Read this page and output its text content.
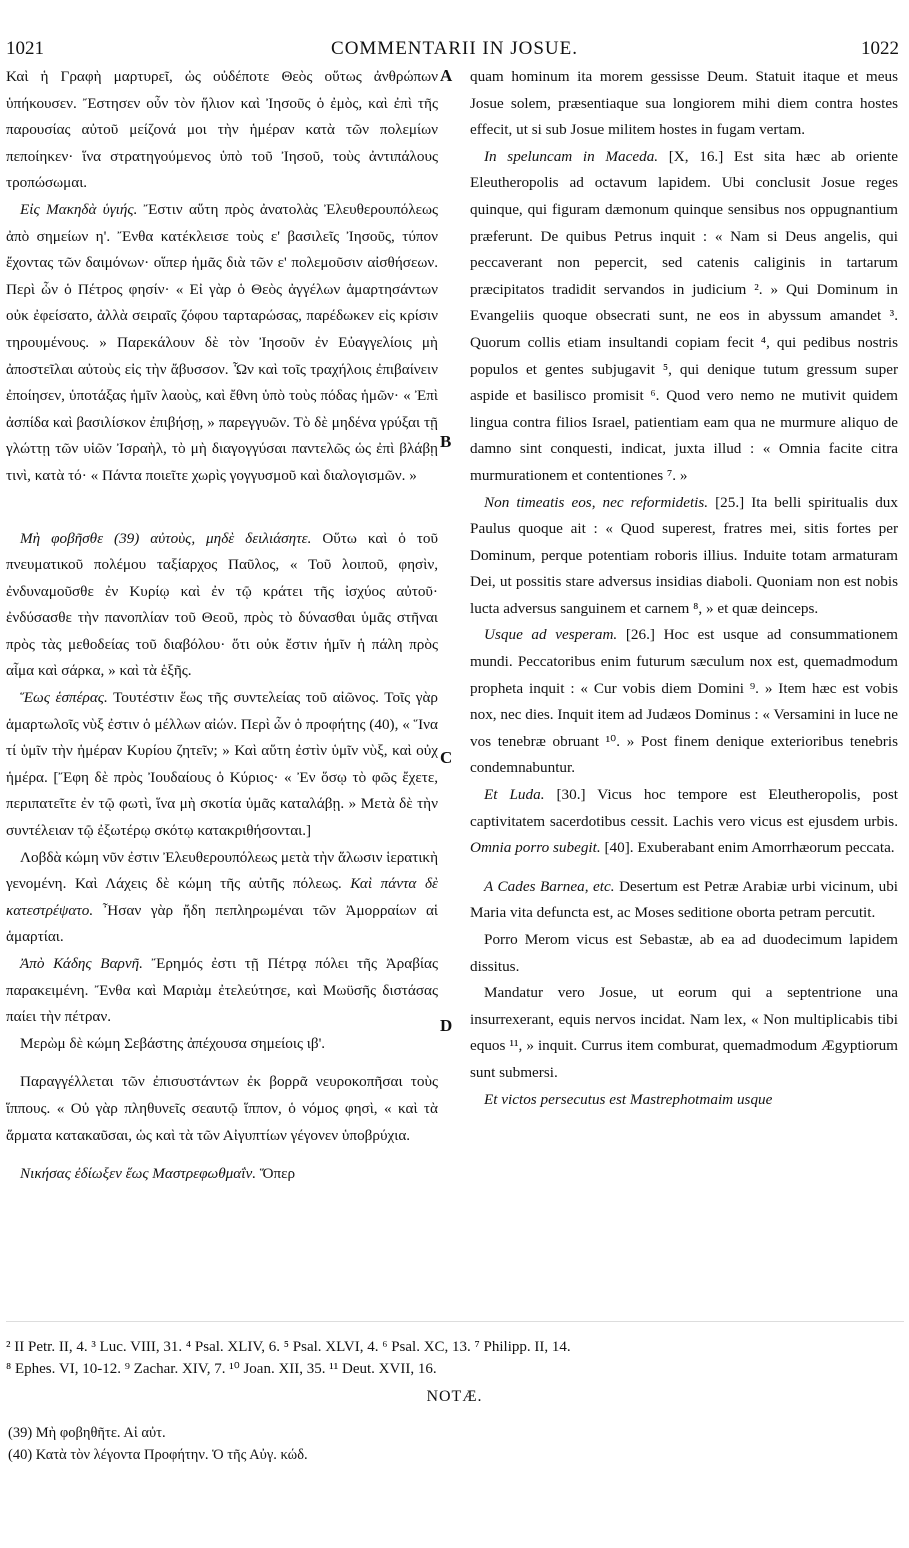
1021	COMMENTARII IN JOSUE.	1022

Καὶ ἡ Γραφὴ μαρτυρεῖ, ὡς οὐδέποτε Θεὸς οὕτως ἀνθρώπων ὑπήκουσεν. Ἔστησεν οὖν τὸν ἥλιον καὶ Ἰησοῦς ὁ ἐμὸς, καὶ ἐπὶ τῆς παρουσίας αὐτοῦ μείζονά μοι τὴν ἡμέραν κατὰ τῶν πολεμίων πεποίηκεν· ἵνα στρατηγούμενος ὑπὸ τοῦ Ἰησοῦ, τοὺς ἀντιπάλους τροπώσωμαι.

Εἰς Μακηδὰ ὑγιής. Ἔστιν αὕτη πρὸς ἀνατολὰς Ἐλευθερουπόλεως ἀπὸ σημείων η'. Ἔνθα κατέκλεισε τοὺς ε' βασιλεῖς Ἰησοῦς, τύπον ἔχοντας τῶν δαιμόνων· οἵπερ ἡμᾶς διὰ τῶν ε' πολεμοῦσιν αἰσθήσεων. Περὶ ὧν ὁ Πέτρος φησίν· « Εἰ γὰρ ὁ Θεὸς ἀγγέλων ἁμαρτησάντων οὐκ ἐφείσατο, ἀλλὰ σειραῖς ζόφου ταρταρώσας, παρέδωκεν εἰς κρίσιν τηρουμένους. » Παρεκάλουν δὲ τὸν Ἰησοῦν ἐν Εὐαγγελίοις μὴ ἀποστεῖλαι αὐτοὺς εἰς τὴν ἄβυσσον. Ὧν καὶ τοῖς τραχήλοις ἐπιβαίνειν ἐποίησεν, ὑποτάξας ἡμῖν λαοὺς, καὶ ἔθνη ὑπὸ τοὺς πόδας ἡμῶν· « Ἐπὶ ἀσπίδα καὶ βασιλίσκον ἐπιβήσῃ, » παρεγγυῶν. Τὸ δὲ μηδένα γρύξαι τῇ γλώττῃ τῶν υἱῶν Ἰσραὴλ, τὸ μὴ διαγογγύσαι παντελῶς ὡς ἐπὶ βλάβῃ τινὶ, κατὰ τό· « Πάντα ποιεῖτε χωρὶς γογγυσμοῦ καὶ διαλογισμῶν. »

Μὴ φοβῆσθε (39) αὐτοὺς, μηδὲ δειλιάσητε. Οὕτω καὶ ὁ τοῦ πνευματικοῦ πολέμου ταξίαρχος Παῦλος, « Τοῦ λοιποῦ, φησὶν, ἐνδυναμοῦσθε ἐν Κυρίῳ καὶ ἐν τῷ κράτει τῆς ἰσχύος αὐτοῦ· ἐνδύσασθε τὴν πανοπλίαν τοῦ Θεοῦ, πρὸς τὸ δύνασθαι ὑμᾶς στῆναι πρὸς τὰς μεθοδείας τοῦ διαβόλου· ὅτι οὐκ ἔστιν ἡμῖν ἡ πάλη πρὸς αἷμα καὶ σάρκα, » καὶ τὰ ἑξῆς.

Ἕως ἑσπέρας. Τουτέστιν ἕως τῆς συντελείας τοῦ αἰῶνος. Τοῖς γὰρ ἁμαρτωλοῖς νὺξ ἐστιν ὁ μέλλων αἰών. Περὶ ὧν ὁ προφήτης (40), « Ἵνα τί ὑμῖν τὴν ἡμέραν Κυρίου ζητεῖν; » Καὶ αὕτη ἐστὶν ὑμῖν νὺξ, καὶ οὐχ ἡμέρα. [Ἔφη δὲ πρὸς Ἰουδαίους ὁ Κύριος· « Ἐν ὅσῳ τὸ φῶς ἔχετε, περιπατεῖτε ἐν τῷ φωτὶ, ἵνα μὴ σκοτία ὑμᾶς καταλάβῃ. » Μετὰ δὲ τὴν συντέλειαν τῷ ἐξωτέρῳ σκότῳ κατακριθήσονται.]

Λοβδὰ κώμη νῦν ἐστιν Ἐλευθερουπόλεως μετὰ τὴν ἅλωσιν ἱερατικὴ γενομένη. Καὶ Λάχεις δὲ κώμη τῆς αὐτῆς πόλεως. Καὶ πάντα δὲ κατεστρέψατο. Ἦσαν γὰρ ἤδη πεπληρωμέναι τῶν Ἀμορραίων αἱ ἁμαρτίαι.

Ἀπὸ Κάδης Βαρνῆ. Ἔρημός ἐστι τῇ Πέτρᾳ πόλει τῆς Ἀραβίας παρακειμένη. Ἔνθα καὶ Μαριὰμ ἐτελεύτησε, καὶ Μωϋσῆς διστάσας παίει τὴν πέτραν.

Μερὼμ δὲ κώμη Σεβάστης ἀπέχουσα σημείοις ιβ'.

Παραγγέλλεται τῶν ἐπισυστάντων ἐκ βορρᾶ νευροκοπῆσαι τοὺς ἵππους. « Οὐ γὰρ πληθυνεῖς σεαυτῷ ἵππον, ὁ νόμος φησὶ, « καὶ τὰ ἅρματα κατακαῦσαι, ὡς καὶ τὰ τῶν Αἰγυπτίων γέγονεν ὑποβρύχια.

Νικήσας ἐδίωξεν ἕως Μαστρεφωθμαΐν. Ὅπερ

A
B
C
D

quam hominum ita morem gessisse Deum. Statuit itaque et meus Josue solem, præsentiaque sua longiorem mihi diem contra hostes effecit, ut si sub Josue militem hostes in fugam vertam.

In speluncam in Maceda. [X, 16.] Est sita hæc ab oriente Eleutheropolis ad octavum lapidem. Ubi conclusit Josue reges quinque, qui figuram dæmonum quinque sensibus nos oppugnantium præferunt. De quibus Petrus inquit : « Nam si Deus angelis, qui peccaverant non pepercit, sed catenis caliginis in tartarum præcipitatos tradidit servandos in judicium ². » Qui Dominum in Evangeliis quoque obsecrati sunt, ne eos in abyssum amandet ³. Quorum collis etiam insultandi copiam fecit ⁴, qui pedibus nostris populos et gentes subjugavit ⁵, qui denique tutum gressum super aspide et basilisco promisit ⁶. Quod vero nemo ne mutivit quidem lingua contra filios Israel, patientiam eam qua ne murmure aliquo de damno sint conquesti, indicat, juxta illud : « Omnia facite citra murmurationem et contentiones ⁷. »

Non timeatis eos, nec reformidetis. [25.] Ita belli spiritualis dux Paulus quoque ait : « Quod superest, fratres mei, sitis fortes per Dominum, perque potentiam roboris illius. Induite totam armaturam Dei, ut possitis stare adversus insidias diaboli. Quoniam non est nobis lucta adversus sanguinem et carnem ⁸, » et quæ deinceps.

Usque ad vesperam. [26.] Hoc est usque ad consummationem mundi. Peccatoribus enim futurum sæculum nox est, quemadmodum propheta inquit : « Cur vobis diem Domini ⁹. » Item hæc est vobis nox, nec dies. Inquit item ad Judæos Dominus : « Versamini in luce ne vos tenebræ obruant ¹⁰. » Post finem denique exterioribus tenebris condemnabuntur.

Et Luda. [30.] Vicus hoc tempore est Eleutheropolis, post captivitatem sacerdotibus cessit. Lachis vero vicus est ejusdem urbis. Omnia porro subegit. [40]. Exuberabant enim Amorrhæorum peccata.

A Cades Barnea, etc. Desertum est Petræ Arabiæ urbi vicinum, ubi Maria vita defuncta est, ac Moses seditione oborta petram percutit.

Porro Merom vicus est Sebastæ, ab ea ad duodecimum lapidem dissitus.

Mandatur vero Josue, ut eorum qui a septentrione una insurrexerant, equis nervos incidat. Nam lex, « Non multiplicabis tibi equos ¹¹, » inquit. Currus item comburat, quemadmodum Ægyptiorum sunt submersi.

Et victos persecutus est Mastrephotmaim usque

² II Petr. II, 4. ³ Luc. VIII, 31. ⁴ Psal. XLIV, 6. ⁵ Psal. XLVI, 4. ⁶ Psal. XC, 13. ⁷ Philipp. II, 14.
⁸ Ephes. VI, 10-12. ⁹ Zachar. XIV, 7. ¹⁰ Joan. XII, 35. ¹¹ Deut. XVII, 16.
NOTÆ.
(39) Μὴ φοβηθῆτε. Αἱ αὐτ.
(40) Κατὰ τὸν λέγοντα Προφήτην. Ὁ τῆς Αὐγ. κώδ.
